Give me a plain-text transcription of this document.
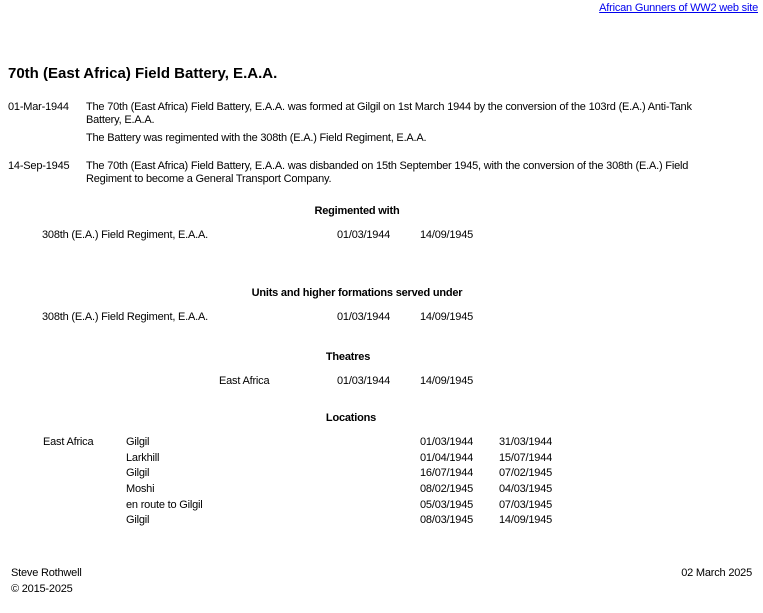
African Gunners of WW2 web site
70th (East Africa) Field Battery, E.A.A.
01-Mar-1944 The 70th (East Africa) Field Battery, E.A.A. was formed at Gilgil on 1st March 1944 by the conversion of the 103rd (E.A.) Anti-Tank Battery, E.A.A.
The Battery was regimented with the 308th (E.A.) Field Regiment, E.A.A.
14-Sep-1945 The 70th (East Africa) Field Battery, E.A.A. was disbanded on 15th September 1945, with the conversion of the 308th (E.A.) Field Regiment to become a General Transport Company.
Regimented with
308th (E.A.) Field Regiment, E.A.A.	01/03/1944	14/09/1945
Units and higher formations served under
308th (E.A.) Field Regiment, E.A.A.	01/03/1944	14/09/1945
Theatres
East Africa	01/03/1944	14/09/1945
Locations
East Africa	Gilgil	01/03/1944 31/03/1944
Larkhill	01/04/1944 15/07/1944
Gilgil	16/07/1944 07/02/1945
Moshi	08/02/1945 04/03/1945
en route to Gilgil	05/03/1945 07/03/1945
Gilgil	08/03/1945 14/09/1945
Steve Rothwell
© 2015-2025
02 March 2025
